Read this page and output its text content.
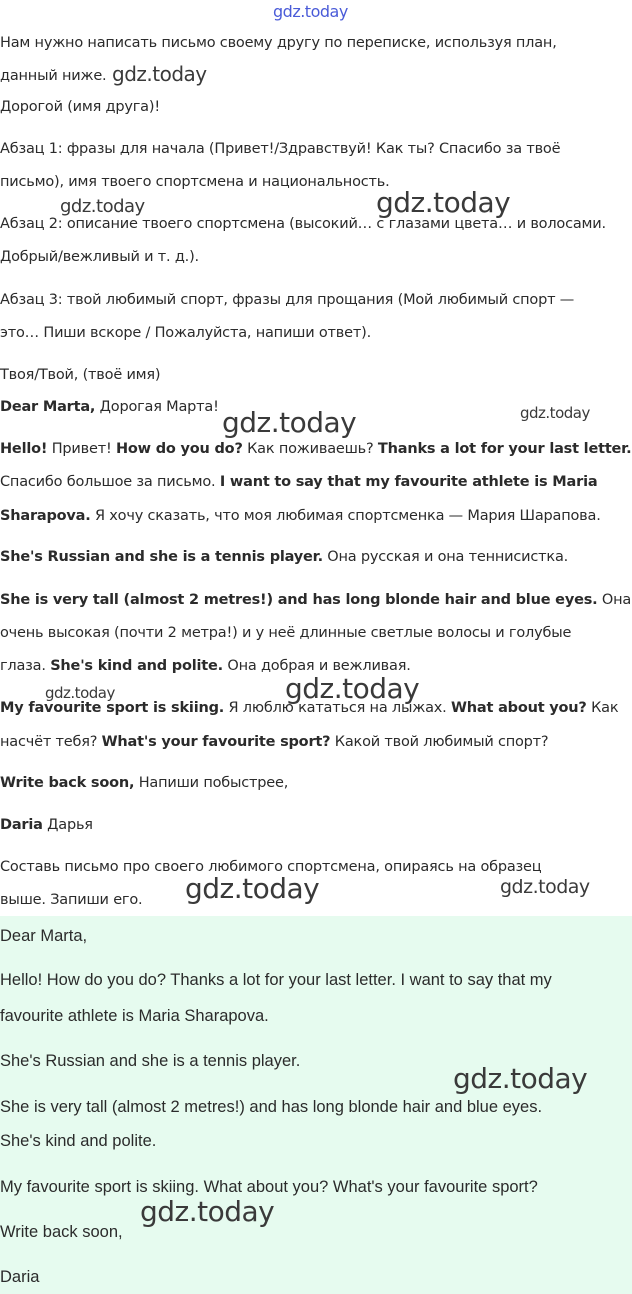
Нам нужно написать письмо своему другу по переписке, используя план,

данный ниже.

Дорогой (имя друга)!

Абзац 1: фразы для начала (Привет!/Здравствуй! Как ты? Спасибо за твоё

письмо), имя твоего спортсмена и национальность.

Абзац 2: описание твоего спортсмена (высокий… с глазами цвета… и волосами.

Добрый/вежливый и т. д.).

Абзац 3: твой любимый спорт, фразы для прощания (Мой любимый спорт —

это… Пиши вскоре / Пожалуйста, напиши ответ).

Твоя/Твой, (твоё имя)

Dear Marta, Дорогая Марта!

Hello! Привет! How do you do? Как поживаешь? Thanks a lot for your last letter.

Спасибо большое за письмо. I want to say that my favourite athlete is Maria

Sharapova. Я хочу сказать, что моя любимая спортсменка — Мария Шарапова.

She's Russian and she is a tennis player. Она русская и она теннисистка.

She is very tall (almost 2 metres!) and has long blonde hair and blue eyes. Она

очень высокая (почти 2 метра!) и у неё длинные светлые волосы и голубые

глаза. She's kind and polite. Она добрая и вежливая.

My favourite sport is skiing. Я люблю кататься на лыжах. What about you? Как

насчёт тебя? What's your favourite sport? Какой твой любимый спорт?

Write back soon, Напиши побыстрее,

Daria Дарья

Составь письмо про своего любимого спортсмена, опираясь на образец

выше. Запиши его.

Dear Marta,
Hello! How do you do? Thanks a lot for your last letter. I want to say that my
favourite athlete is Maria Sharapova.
She's Russian and she is a tennis player.
She is very tall (almost 2 metres!) and has long blonde hair and blue eyes.
She's kind and polite.
My favourite sport is skiing. What about you? What's your favourite sport?
Write back soon,
Daria
gdz.today
gdz.today
gdz.today	gdz.today
gdz.today	gdz.today
gdz.today	gdz.today
gdz.today	gdz.today
gdz.today
gdz.today
